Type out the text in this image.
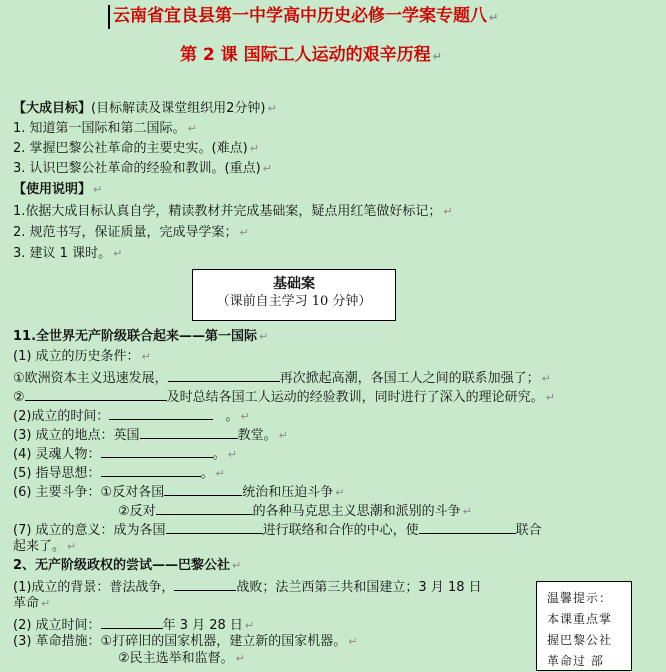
云南省宜良县第一中学高中历史必修一学案专题八 ↵
第 2 课 国际工人运动的艰辛历程 ↵
【大成目标】(目标解读及课堂组织用2分钟) ↵
1. 知道第一国际和第二国际。 ↵
2. 掌握巴黎公社革命的主要史实。(难点) ↵
3. 认识巴黎公社革命的经验和教训。(重点) ↵
【使用说明】 ↵
1.依据大成目标认真自学，精读教材并完成基础案，疑点用红笔做好标记； ↵
2. 规范书写，保证质量，完成导学案； ↵
3. 建议 1 课时。 ↵
基础案
（课前自主学习 10 分钟）
11.全世界无产阶级联合起来——第一国际 ↵
(1) 成立的历史条件： ↵
①欧洲资本主义迅速发展，	再次掀起高潮，各国工人之间的联系加强了； ↵
②	及时总结各国工人运动的经验教训，同时进行了深入的理论研究。 ↵
(2)成立的时间：	。 ↵
(3) 成立的地点：英国	教堂。 ↵
(4) 灵魂人物：	。 ↵
(5) 指导思想：	。 ↵
(6) 主要斗争：①反对各国	统治和压迫斗争 ↵
②反对	的各种马克思主义思潮和派别的斗争 ↵
(7) 成立的意义：成为各国	进行联络和合作的中心，使	联合
起来了。 ↵
2、无产阶级政权的尝试——巴黎公社 ↵
(1)成立的背景：普法战争，	战败；法兰西第三共和国建立；3 月 18 日
革命 ↵
(2) 成立时间：	年 3 月 28 日 ↵
(3) 革命措施：①打碎旧的国家机器，建立新的国家机器。 ↵
②民主选举和监督。 ↵
温馨提示：
本课重点掌
握巴黎公社
革命过 部
